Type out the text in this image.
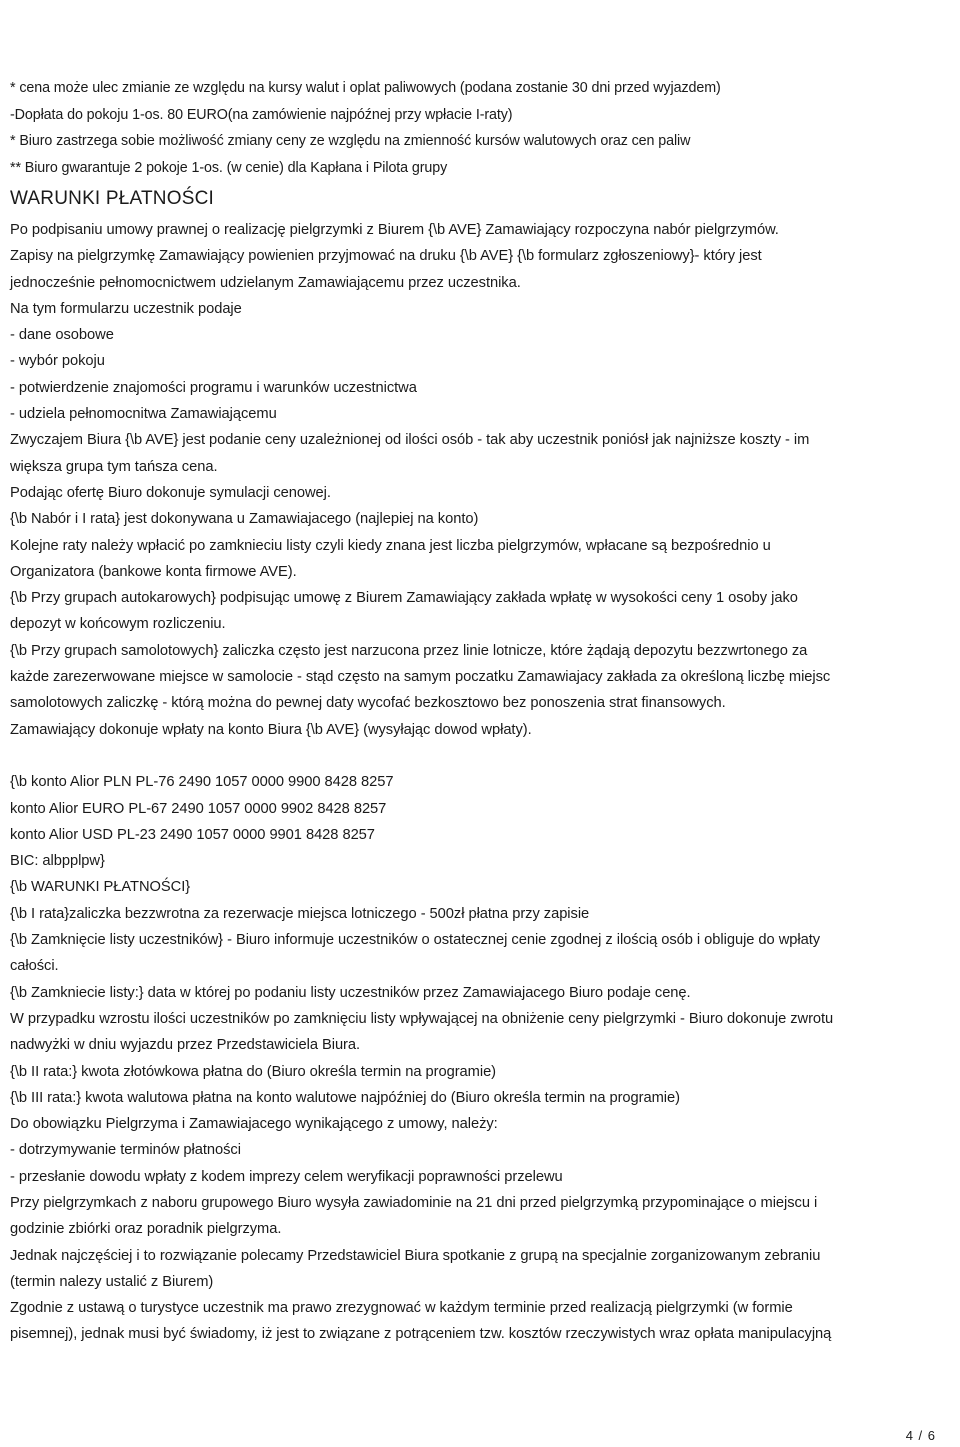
* cena może ulec zmianie ze względu na kursy walut i oplat paliwowych (podana zostanie 30 dni przed wyjazdem)
-Dopłata do pokoju 1-os. 80 EURO(na zamówienie najpóźnej przy wpłacie I-raty)
* Biuro zastrzega sobie możliwość zmiany ceny ze względu na zmienność kursów walutowych oraz cen paliw
** Biuro gwarantuje 2 pokoje 1-os. (w cenie) dla Kapłana i Pilota grupy
WARUNKI PŁATNOŚCI
Po podpisaniu umowy prawnej o realizację pielgrzymki z Biurem {\b AVE} Zamawiający rozpoczyna nabór pielgrzymów.
Zapisy na pielgrzymkę Zamawiający powienien przyjmować na druku {\b AVE} {\b formularz zgłoszeniowy}- który jest
jednocześnie pełnomocnictwem udzielanym Zamawiającemu przez uczestnika.
Na tym formularzu uczestnik podaje
- dane osobowe
- wybór pokoju
- potwierdzenie znajomości programu i warunków uczestnictwa
- udziela pełnomocnitwa Zamawiającemu
Zwyczajem Biura {\b AVE} jest podanie ceny uzależnionej od ilości osób - tak aby uczestnik poniósł jak najniższe koszty - im
większa grupa tym tańsza cena.
Podając ofertę Biuro dokonuje symulacji cenowej.
{\b Nabór i I rata} jest dokonywana u Zamawiajacego (najlepiej na konto)
Kolejne raty należy wpłacić po zamknieciu listy czyli kiedy znana jest liczba pielgrzymów, wpłacane są bezpośrednio u
Organizatora (bankowe konta firmowe AVE).
{\b Przy grupach autokarowych} podpisując umowę z Biurem Zamawiający zakłada wpłatę w wysokości ceny 1 osoby jako
depozyt w końcowym rozliczeniu.
{\b Przy grupach samolotowych} zaliczka często jest narzucona przez linie lotnicze, które żądają depozytu bezzwrtonego za
każde zarezerwowane miejsce w samolocie - stąd często na samym poczatku Zamawiajacy zakłada za określoną liczbę miejsc
samolotowych zaliczkę - którą można do pewnej daty wycofać bezkosztowo bez ponoszenia strat finansowych.
Zamawiający dokonuje wpłaty na konto Biura {\b AVE} (wysyłając dowod wpłaty).
{\b konto Alior PLN PL-76 2490 1057 0000 9900 8428 8257
konto Alior EURO PL-67 2490 1057 0000 9902 8428 8257
konto Alior USD PL-23 2490 1057 0000 9901 8428 8257
BIC: albpplpw}
{\b WARUNKI PŁATNOŚCI}
{\b I rata}zaliczka bezzwrotna za rezerwacje miejsca lotniczego - 500zł płatna przy zapisie
{\b Zamknięcie listy uczestników} - Biuro informuje uczestników o ostatecznej cenie zgodnej z ilością osób i obliguje do wpłaty
całości.
{\b Zamkniecie listy:} data w której po podaniu listy uczestników przez Zamawiajacego Biuro podaje cenę.
W przypadku wzrostu ilości uczestników po zamknięciu listy wpływającej na obniżenie ceny pielgrzymki - Biuro dokonuje zwrotu
nadwyżki w dniu wyjazdu przez Przedstawiciela Biura.
{\b II rata:} kwota złotówkowa płatna do (Biuro określa termin na programie)
{\b III rata:} kwota walutowa płatna na konto walutowe najpóźniej do (Biuro określa termin na programie)
Do obowiązku Pielgrzyma i Zamawiajacego wynikającego z umowy, należy:
- dotrzymywanie terminów płatności
- przesłanie dowodu wpłaty z kodem imprezy celem weryfikacji poprawności przelewu
Przy pielgrzymkach z naboru grupowego Biuro wysyła zawiadominie na 21 dni przed pielgrzymką przypominające o miejscu i
godzinie zbiórki oraz poradnik pielgrzyma.
Jednak najczęściej i to rozwiązanie polecamy Przedstawiciel Biura spotkanie z grupą na specjalnie zorganizowanym zebraniu
(termin nalezy ustalić z Biurem)
Zgodnie z ustawą o turystyce uczestnik ma prawo zrezygnować w każdym terminie przed realizacją pielgrzymki (w formie
pisemnej), jednak musi być świadomy, iż jest to związane z potrąceniem tzw. kosztów rzeczywistych wraz opłata manipulacyjną
4 / 6
